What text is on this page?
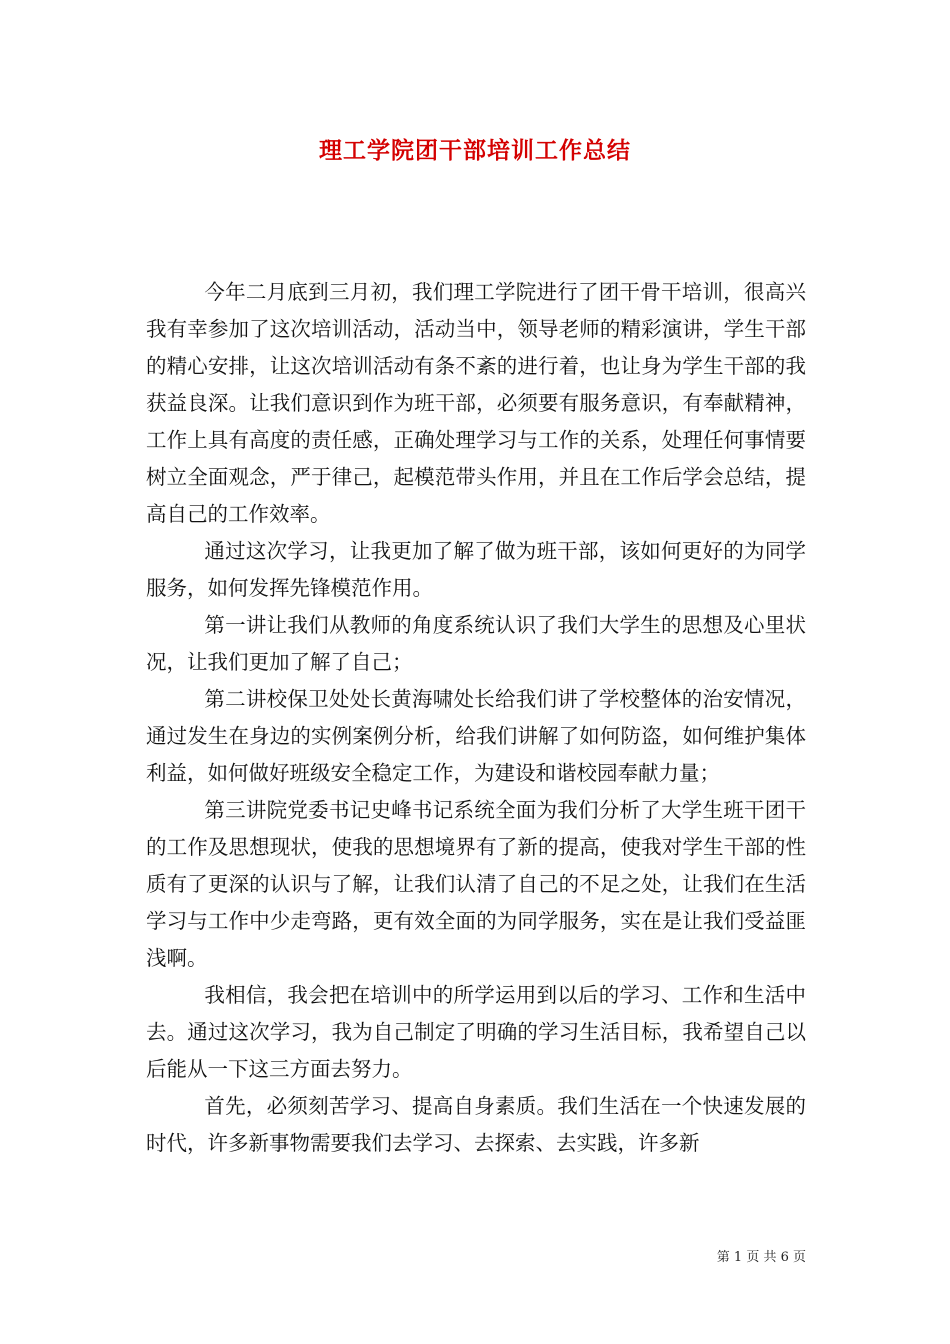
理工学院团干部培训工作总结

今年二月底到三月初，我们理工学院进行了团干骨干培训，很高兴我有幸参加了这次培训活动，活动当中，领导老师的精彩演讲，学生干部的精心安排，让这次培训活动有条不紊的进行着，也让身为学生干部的我获益良深。让我们意识到作为班干部，必须要有服务意识，有奉献精神，工作上具有高度的责任感，正确处理学习与工作的关系，处理任何事情要树立全面观念，严于律己，起模范带头作用，并且在工作后学会总结，提高自己的工作效率。

通过这次学习，让我更加了解了做为班干部，该如何更好的为同学服务，如何发挥先锋模范作用。

第一讲让我们从教师的角度系统认识了我们大学生的思想及心里状况，让我们更加了解了自己；

第二讲校保卫处处长黄海啸处长给我们讲了学校整体的治安情况，通过发生在身边的实例案例分析，给我们讲解了如何防盗，如何维护集体利益，如何做好班级安全稳定工作，为建设和谐校园奉献力量；

第三讲院党委书记史峰书记系统全面为我们分析了大学生班干团干的工作及思想现状，使我的思想境界有了新的提高，使我对学生干部的性质有了更深的认识与了解，让我们认清了自己的不足之处，让我们在生活学习与工作中少走弯路，更有效全面的为同学服务，实在是让我们受益匪浅啊。

我相信，我会把在培训中的所学运用到以后的学习、工作和生活中去。通过这次学习，我为自己制定了明确的学习生活目标，我希望自己以后能从一下这三方面去努力。

首先，必须刻苦学习、提高自身素质。我们生活在一个快速发展的时代，许多新事物需要我们去学习、去探索、去实践，许多新

第 1 页 共 6 页
